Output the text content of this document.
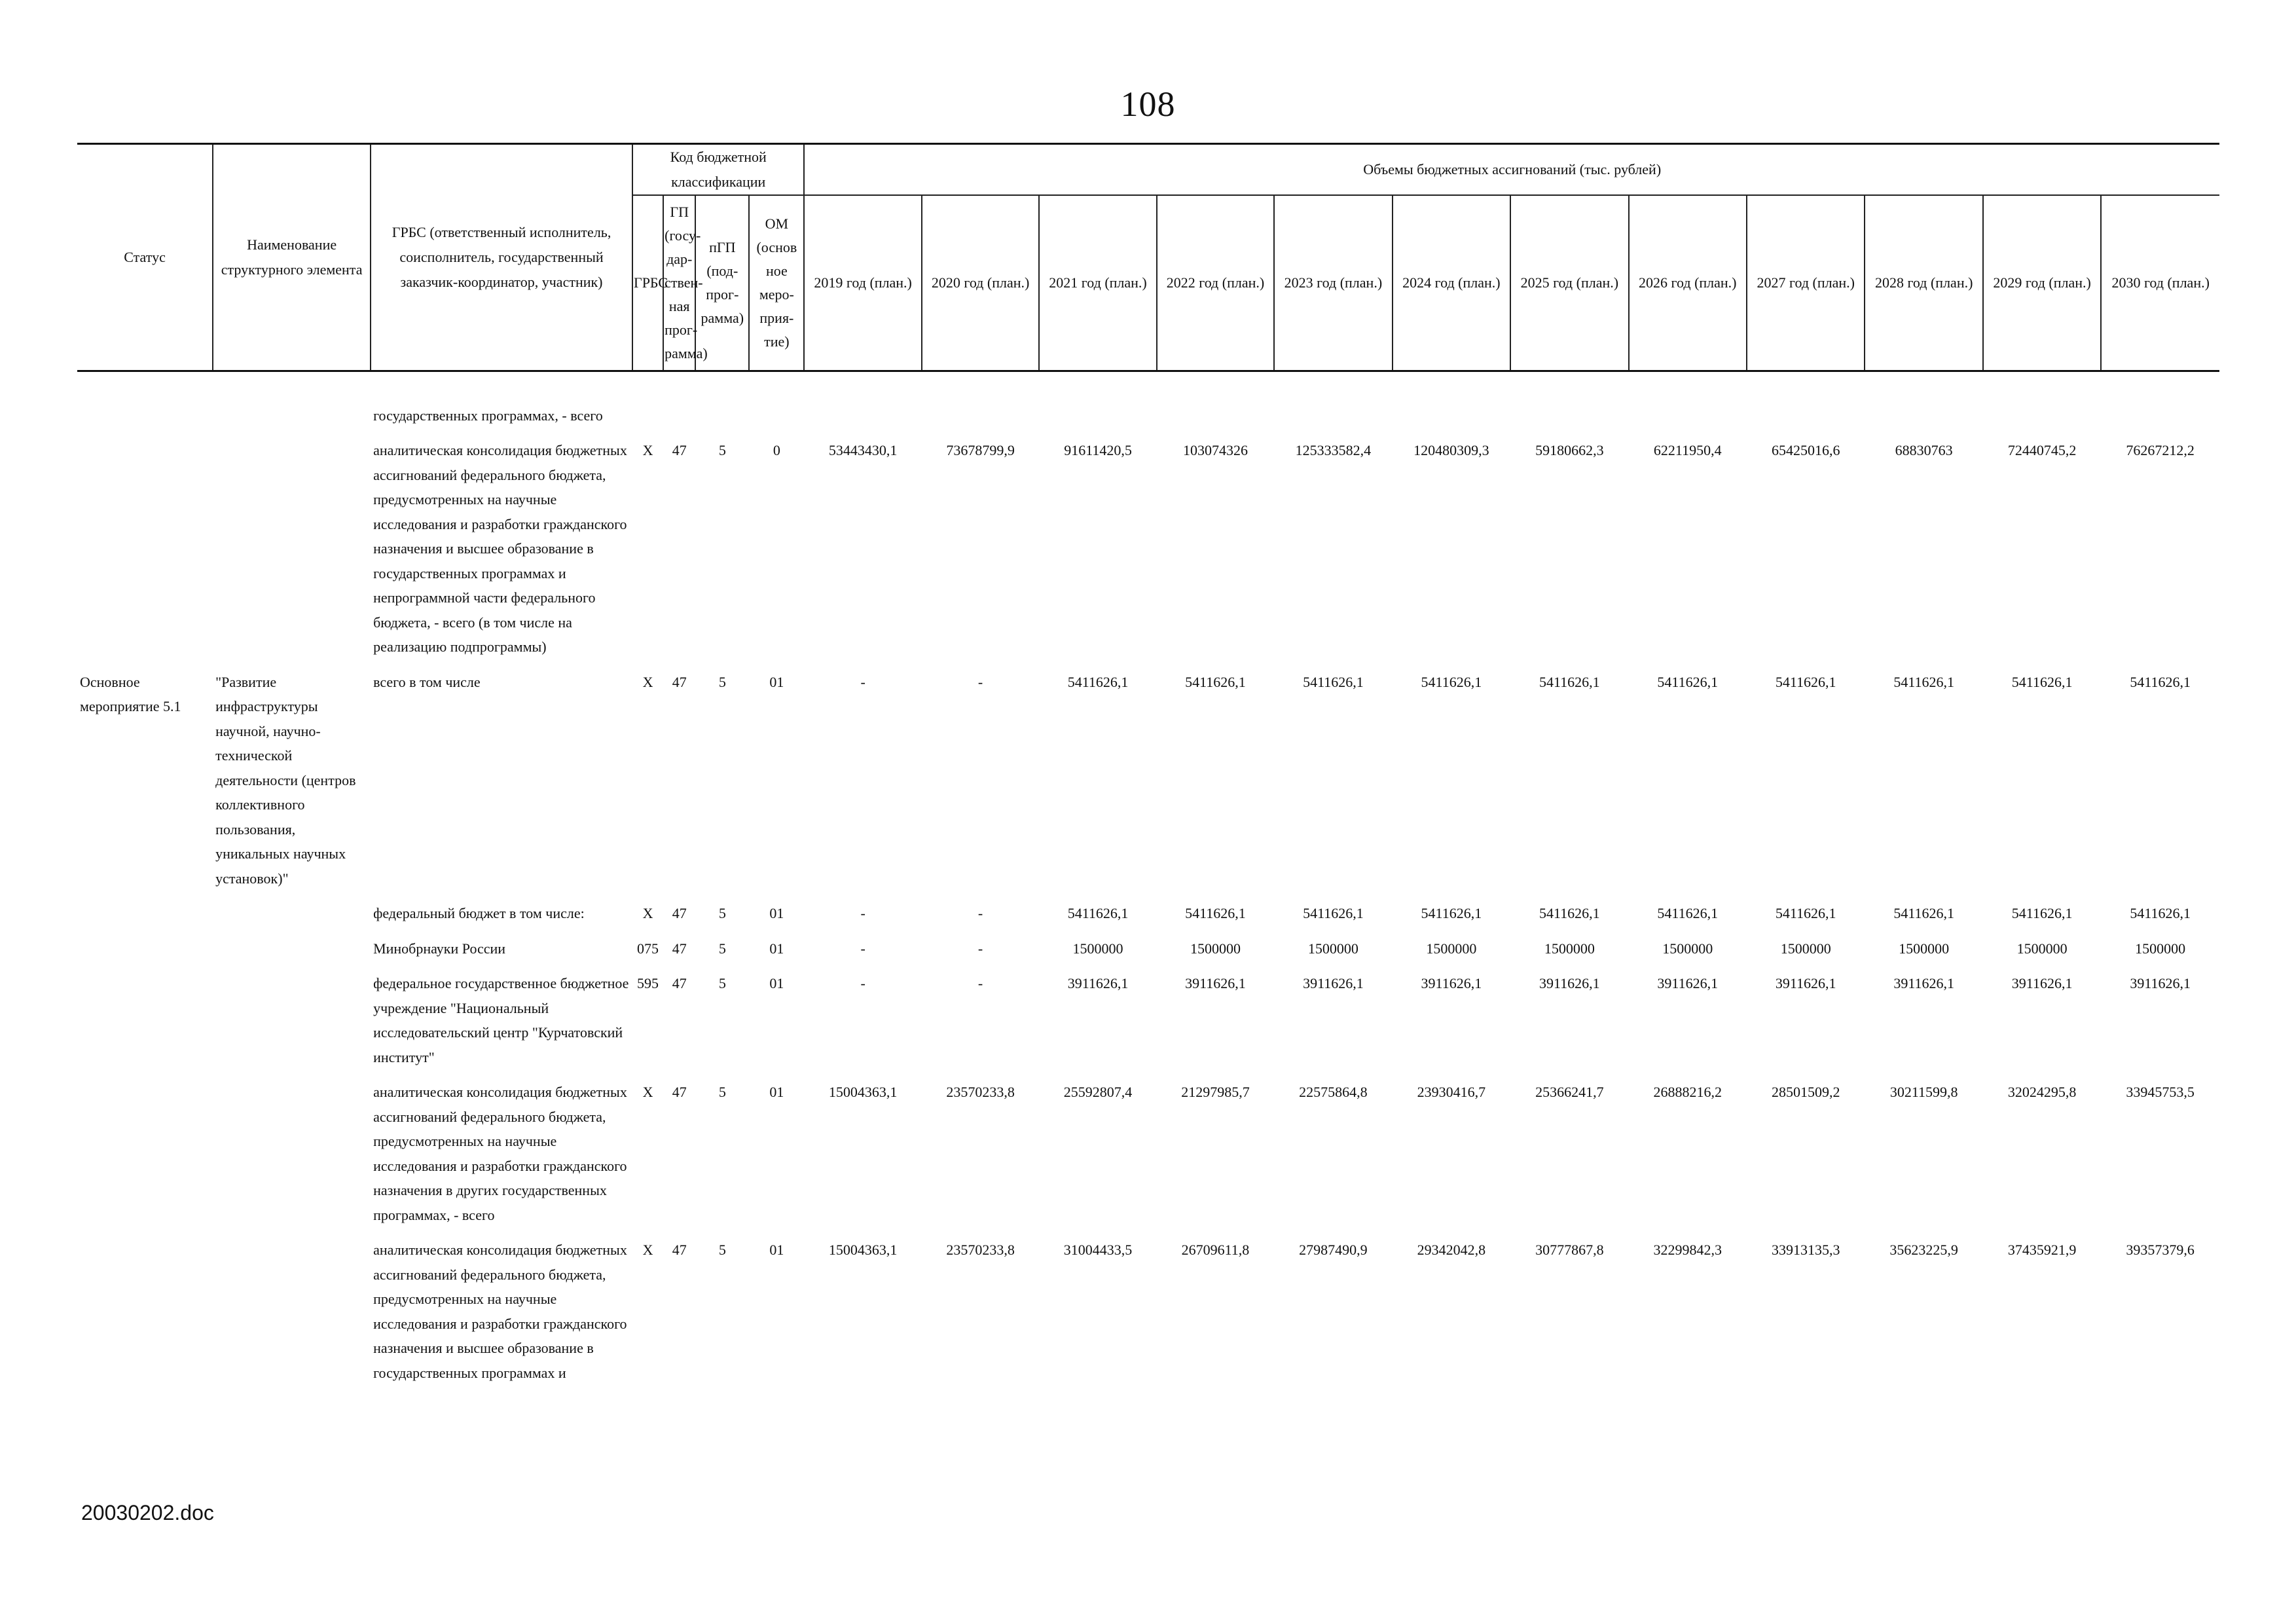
108
Статус	Наименование структурного элемента	ГРБС (ответственный исполнитель, соисполнитель, государственный заказчик-координатор, участник)	Код бюджетной классификации				Объемы бюджетных ассигнований (тыс. рублей)											
			ГРБС	ГП (госу-дар-ствен-ная прог-рамма)	пГП (под-прог-рамма)	ОМ (основ ное меро-прия-тие)	2019 год (план.)	2020 год (план.)	2021 год (план.)	2022 год (план.)	2023 год (план.)	2024 год (план.)	2025 год (план.)	2026 год (план.)	2027 год (план.)	2028 год (план.)	2029 год (план.)	2030 год (план.)
		государственных программах, - всего																
		аналитическая консолидация бюджетных ассигнований федерального бюджета, предусмотренных на научные исследования и разработки гражданского назначения и высшее образование в государственных программах и непрограммной части федерального бюджета, - всего (в том числе на реализацию подпрограммы)	X	47	5	0	53443430,1	73678799,9	91611420,5	103074326	125333582,4	120480309,3	59180662,3	62211950,4	65425016,6	68830763	72440745,2	76267212,2
Основное мероприятие 5.1	"Развитие инфраструктуры научной, научно-технической деятельности (центров коллективного пользования, уникальных научных установок)"	всего в том числе	X	47	5	01	-	-	5411626,1	5411626,1	5411626,1	5411626,1	5411626,1	5411626,1	5411626,1	5411626,1	5411626,1	5411626,1
		федеральный бюджет в том числе:	X	47	5	01	-	-	5411626,1	5411626,1	5411626,1	5411626,1	5411626,1	5411626,1	5411626,1	5411626,1	5411626,1	5411626,1
		Минобрнауки России	075	47	5	01	-	-	1500000	1500000	1500000	1500000	1500000	1500000	1500000	1500000	1500000	1500000
		федеральное государственное бюджетное учреждение "Национальный исследовательский центр "Курчатовский институт"	595	47	5	01	-	-	3911626,1	3911626,1	3911626,1	3911626,1	3911626,1	3911626,1	3911626,1	3911626,1	3911626,1	3911626,1
		аналитическая консолидация бюджетных ассигнований федерального бюджета, предусмотренных на научные исследования и разработки гражданского назначения в других государственных программах, - всего	X	47	5	01	15004363,1	23570233,8	25592807,4	21297985,7	22575864,8	23930416,7	25366241,7	26888216,2	28501509,2	30211599,8	32024295,8	33945753,5
		аналитическая консолидация бюджетных ассигнований федерального бюджета, предусмотренных на научные исследования и разработки гражданского назначения и высшее образование в государственных программах и	X	47	5	01	15004363,1	23570233,8	31004433,5	26709611,8	27987490,9	29342042,8	30777867,8	32299842,3	33913135,3	35623225,9	37435921,9	39357379,6
20030202.doc
